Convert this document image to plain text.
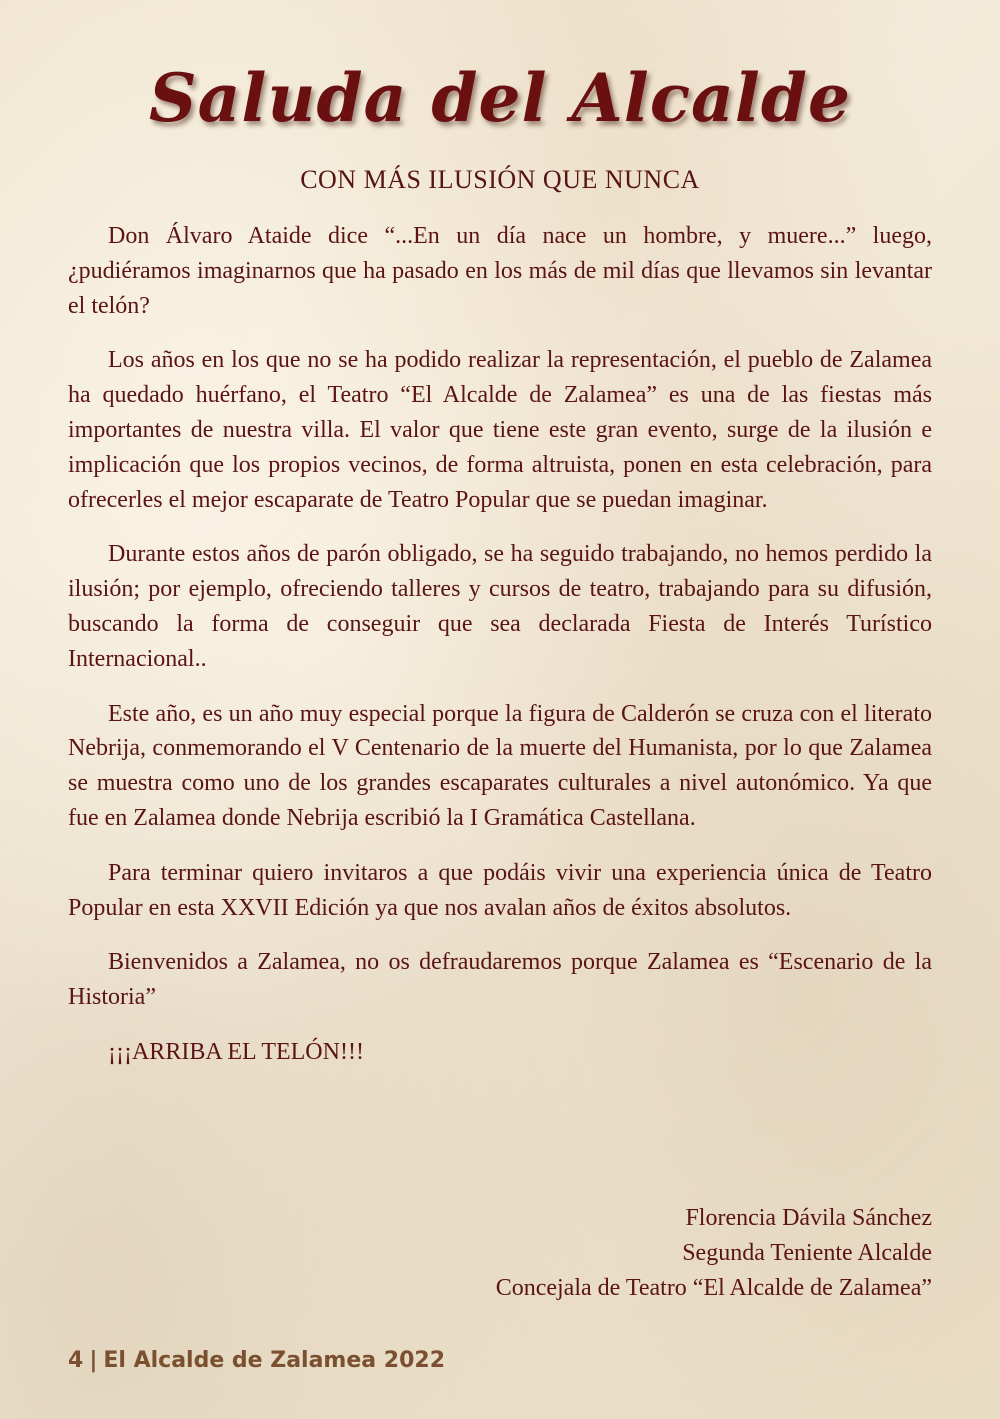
Saluda del Alcalde
CON MÁS ILUSIÓN QUE NUNCA

Don Álvaro Ataide dice “...En un día nace un hombre, y muere...” luego, ¿pudiéramos imaginarnos que ha pasado en los más de mil días que llevamos sin levantar el telón?

Los años en los que no se ha podido realizar la representación, el pueblo de Zalamea ha quedado huérfano, el Teatro “El Alcalde de Zalamea” es una de las fiestas más importantes de nuestra villa. El valor que tiene este gran evento, surge de la ilusión e implicación que los propios vecinos, de forma altruista, ponen en esta celebración, para ofrecerles el mejor escaparate de Teatro Popular que se puedan imaginar.

Durante estos años de parón obligado, se ha seguido trabajando, no hemos perdido la ilusión; por ejemplo, ofreciendo talleres y cursos de teatro, trabajando para su difusión, buscando la forma de conseguir que sea declarada Fiesta de Interés Turístico Internacional..

Este año, es un año muy especial porque la figura de Calderón se cruza con el literato Nebrija, conmemorando el V Centenario de la muerte del Humanista, por lo que Zalamea se muestra como uno de los grandes escaparates culturales a nivel autonómico. Ya que fue en Zalamea donde Nebrija escribió la I Gramática Castellana.

Para terminar quiero invitaros a que podáis vivir una experiencia única de Teatro Popular en esta XXVII Edición ya que nos avalan años de éxitos absolutos.

Bienvenidos a Zalamea, no os defraudaremos porque Zalamea es “Escenario de la Historia”

¡¡¡ARRIBA EL TELÓN!!!

Florencia Dávila Sánchez
Segunda Teniente Alcalde
Concejala de Teatro “El Alcalde de Zalamea”
4 | El Alcalde de Zalamea 2022
